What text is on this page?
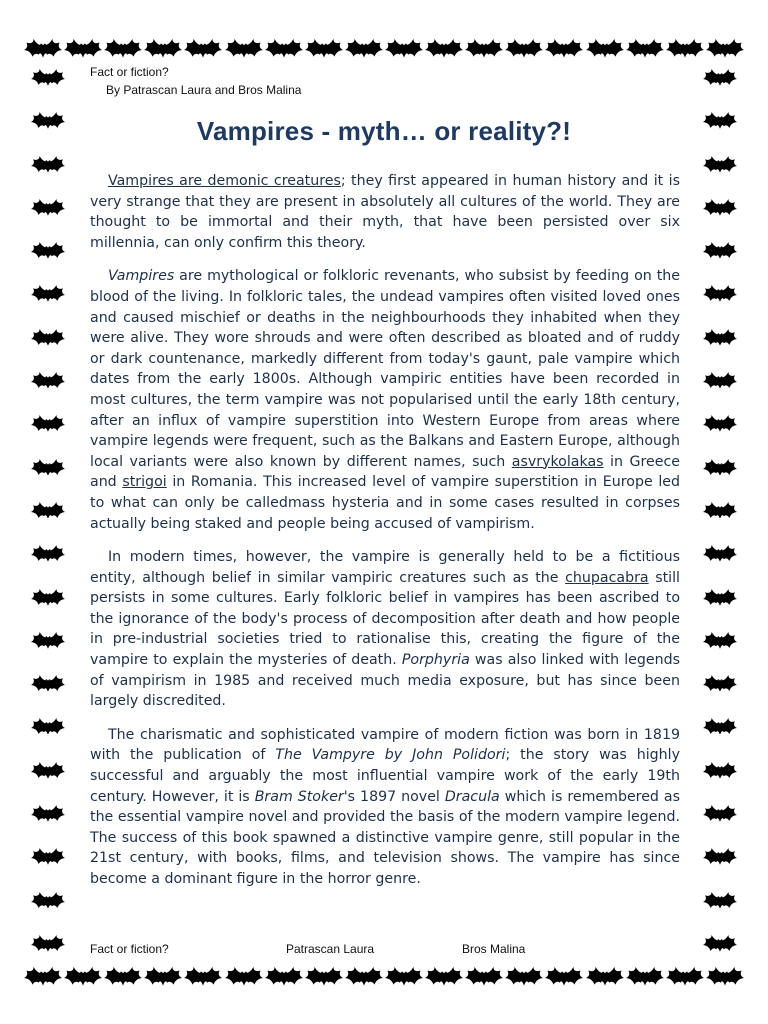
Fact or fiction?
By Patrascan Laura and Bros Malina
Vampires - myth… or reality?!

Vampires are demonic creatures; they first appeared in human history and it is very strange that they are present in absolutely all cultures of the world. They are thought to be immortal and their myth, that have been persisted over six millennia, can only confirm this theory.

Vampires are mythological or folkloric revenants, who subsist by feeding on the blood of the living. In folkloric tales, the undead vampires often visited loved ones and caused mischief or deaths in the neighbourhoods they inhabited when they were alive. They wore shrouds and were often described as bloated and of ruddy or dark countenance, markedly different from today's gaunt, pale vampire which dates from the early 1800s. Although vampiric entities have been recorded in most cultures, the term vampire was not popularised until the early 18th century, after an influx of vampire superstition into Western Europe from areas where vampire legends were frequent, such as the Balkans and Eastern Europe, although local variants were also known by different names, such asvrykolakas in Greece and strigoi in Romania. This increased level of vampire superstition in Europe led to what can only be calledmass hysteria and in some cases resulted in corpses actually being staked and people being accused of vampirism.

In modern times, however, the vampire is generally held to be a fictitious entity, although belief in similar vampiric creatures such as the chupacabra still persists in some cultures. Early folkloric belief in vampires has been ascribed to the ignorance of the body's process of decomposition after death and how people in pre-industrial societies tried to rationalise this, creating the figure of the vampire to explain the mysteries of death. Porphyria was also linked with legends of vampirism in 1985 and received much media exposure, but has since been largely discredited.

The charismatic and sophisticated vampire of modern fiction was born in 1819 with the publication of The Vampyre by John Polidori; the story was highly successful and arguably the most influential vampire work of the early 19th century. However, it is Bram Stoker's 1897 novel Dracula which is remembered as the essential vampire novel and provided the basis of the modern vampire legend. The success of this book spawned a distinctive vampire genre, still popular in the 21st century, with books, films, and television shows. The vampire has since become a dominant figure in the horror genre.

Fact or fiction?	Patrascan Laura	Bros Malina
